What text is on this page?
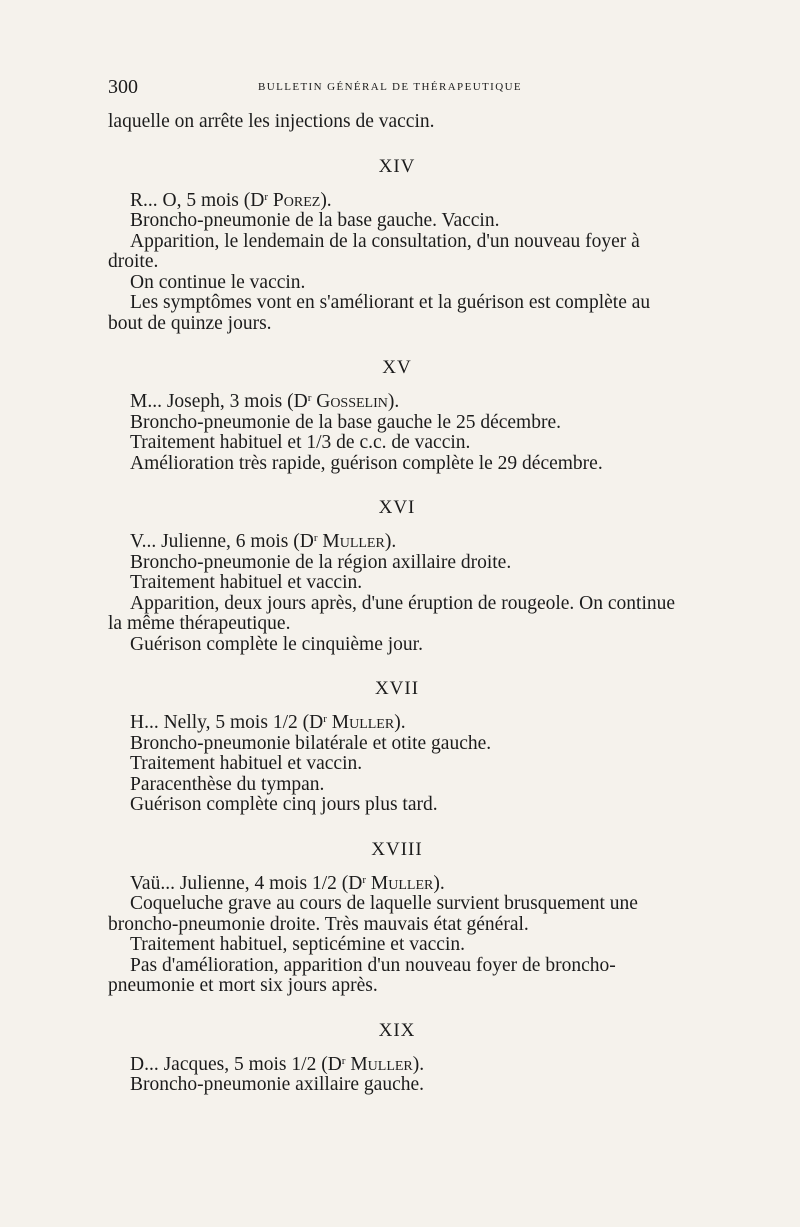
300	BULLETIN GÉNÉRAL DE THÉRAPEUTIQUE

laquelle on arrête les injections de vaccin.

XIV

R... O, 5 mois ($D^r$ Porez).

Broncho-pneumonie de la base gauche. Vaccin.

Apparition, le lendemain de la consultation, d'un nouveau foyer à droite.

On continue le vaccin.

Les symptômes vont en s'améliorant et la guérison est complète au bout de quinze jours.

XV

M... Joseph, 3 mois ($D^r$ Gosselin).

Broncho-pneumonie de la base gauche le 25 décembre.

Traitement habituel et 1/3 de c.c. de vaccin.

Amélioration très rapide, guérison complète le 29 décembre.

XVI

V... Julienne, 6 mois ($D^r$ Muller).

Broncho-pneumonie de la région axillaire droite.

Traitement habituel et vaccin.

Apparition, deux jours après, d'une éruption de rougeole. On continue la même thérapeutique.

Guérison complète le cinquième jour.

XVII

H... Nelly, 5 mois 1/2 ($D^r$ Muller).

Broncho-pneumonie bilatérale et otite gauche.

Traitement habituel et vaccin.

Paracenthèse du tympan.

Guérison complète cinq jours plus tard.

XVIII

Vaü... Julienne, 4 mois 1/2 ($D^r$ Muller).

Coqueluche grave au cours de laquelle survient brusquement une broncho-pneumonie droite. Très mauvais état général.

Traitement habituel, septicémine et vaccin.

Pas d'amélioration, apparition d'un nouveau foyer de broncho-pneumonie et mort six jours après.

XIX

D... Jacques, 5 mois 1/2 ($D^r$ Muller).

Broncho-pneumonie axillaire gauche.
